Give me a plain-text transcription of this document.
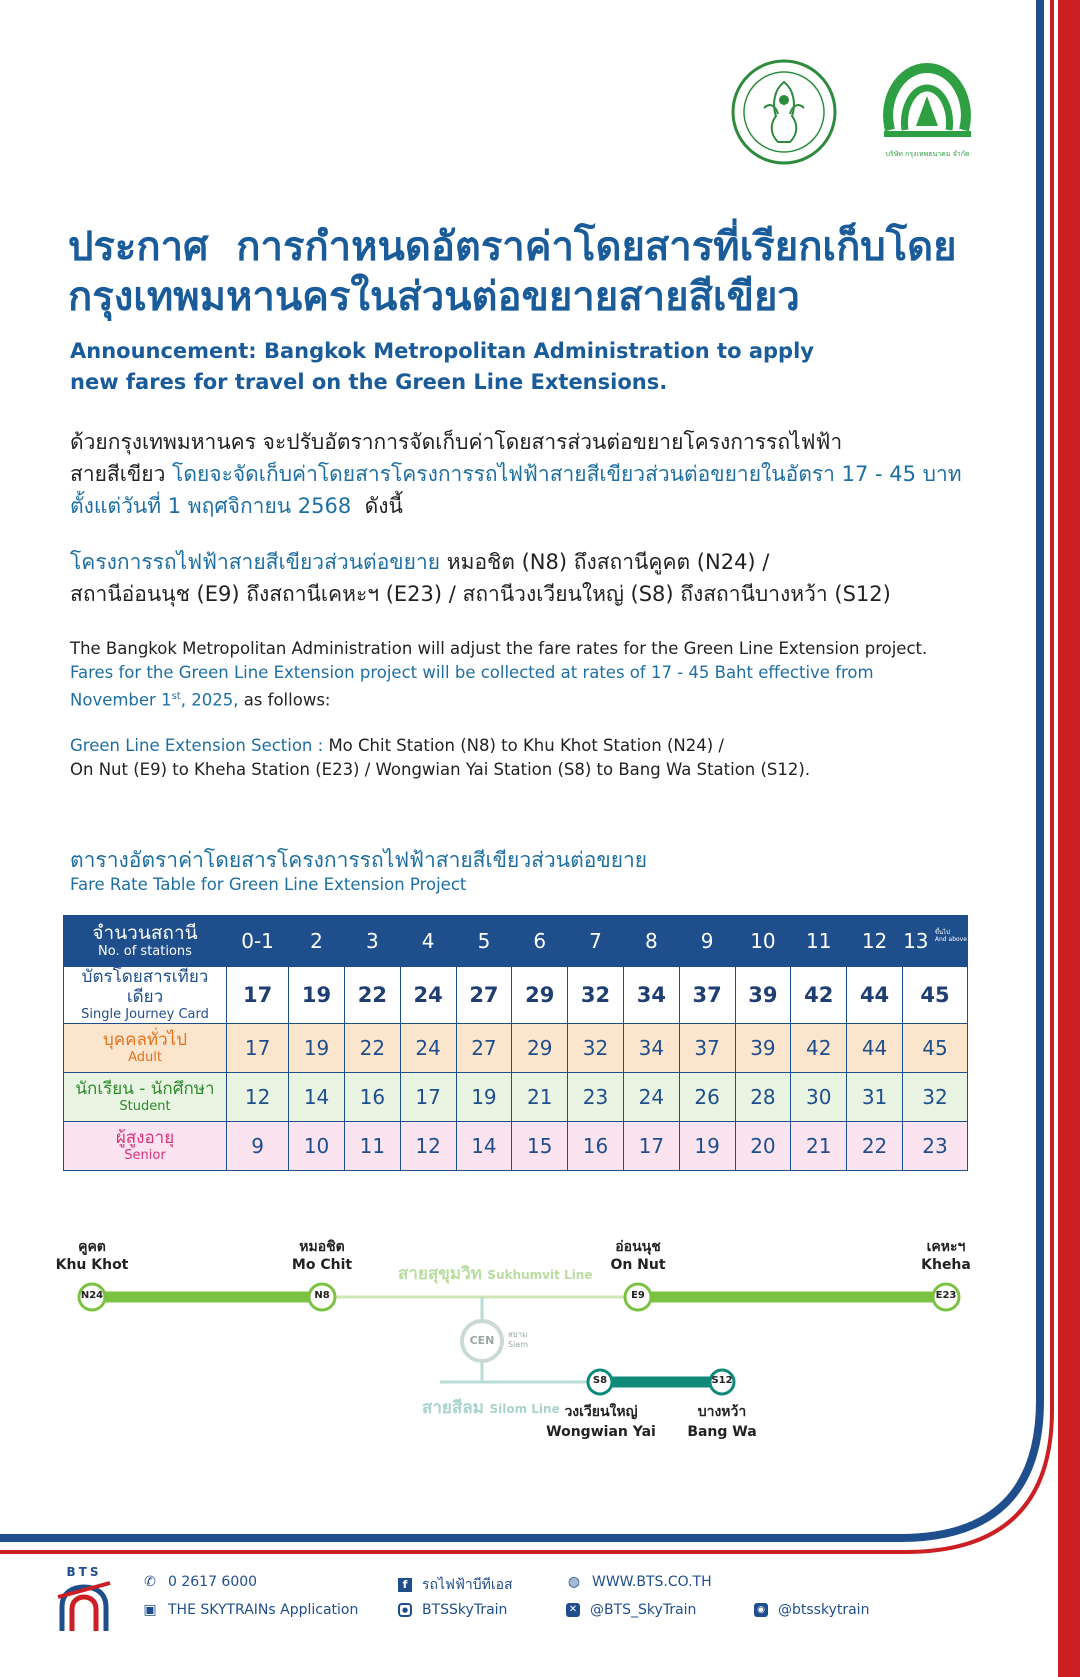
บริษัท กรุงเทพธนาคม จำกัด
ประกาศ  การกำหนดอัตราค่าโดยสารที่เรียกเก็บโดย
กรุงเทพมหานครในส่วนต่อขยายสายสีเขียว
Announcement: Bangkok Metropolitan Administration to apply
new fares for travel on the Green Line Extensions.
ด้วยกรุงเทพมหานคร จะปรับอัตราการจัดเก็บค่าโดยสารส่วนต่อขยายโครงการรถไฟฟ้า
สายสีเขียว โดยจะจัดเก็บค่าโดยสารโครงการรถไฟฟ้าสายสีเขียวส่วนต่อขยายในอัตรา 17 - 45 บาท
ตั้งแต่วันที่ 1 พฤศจิกายน 2568  ดังนี้
โครงการรถไฟฟ้าสายสีเขียวส่วนต่อขยาย หมอชิต (N8) ถึงสถานีคูคต (N24) /
สถานีอ่อนนุช (E9) ถึงสถานีเคหะฯ (E23) / สถานีวงเวียนใหญ่ (S8) ถึงสถานีบางหว้า (S12)
The Bangkok Metropolitan Administration will adjust the fare rates for the Green Line Extension project.
Fares for the Green Line Extension project will be collected at rates of 17 - 45 Baht effective from
November 1st, 2025, as follows:
Green Line Extension Section : Mo Chit Station (N8) to Khu Khot Station (N24) /
On Nut (E9) to Kheha Station (E23) / Wongwian Yai Station (S8) to Bang Wa Station (S12).
ตารางอัตราค่าโดยสารโครงการรถไฟฟ้าสายสีเขียวส่วนต่อขยาย
Fare Rate Table for Green Line Extension Project
จำนวนสถานี
No. of stations	0-1	2	3	4	5	6	7	8	9	10	11	12	13 ขึ้นไป
And above

บัตรโดยสารเที่ยวเดียว
Single Journey Card	17	19	22	24	27	29	32	34	37	39	42	44	45

บุคคลทั่วไป
Adult	17	19	22	24	27	29	32	34	37	39	42	44	45

นักเรียน - นักศึกษา
Student	12	14	16	17	19	21	23	24	26	28	30	31	32

ผู้สูงอายุ
Senior	9	10	11	12	14	15	16	17	19	20	21	22	23
N24	N8	E9	E23
CEN
S8	S12
คูคต
Khu Khot
หมอชิต
Mo Chit	สายสุขุมวิท Sukhumvit Line
อ่อนนุช
On Nut
เคหะฯ
Kheha
สยาม
Siam
สายสีลม Silom Line วงเวียนใหญ่
Wongwian Yai
บางหว้า
Bang Wa
BTS
✆ 0 2617 6000
▣ THE SKYTRAINs Application
f	รถไฟฟ้าบีทีเอส
● BTSSkyTrain
◍ WWW.BTS.CO.TH
✕ @BTS_SkyTrain	◉ @btsskytrain
